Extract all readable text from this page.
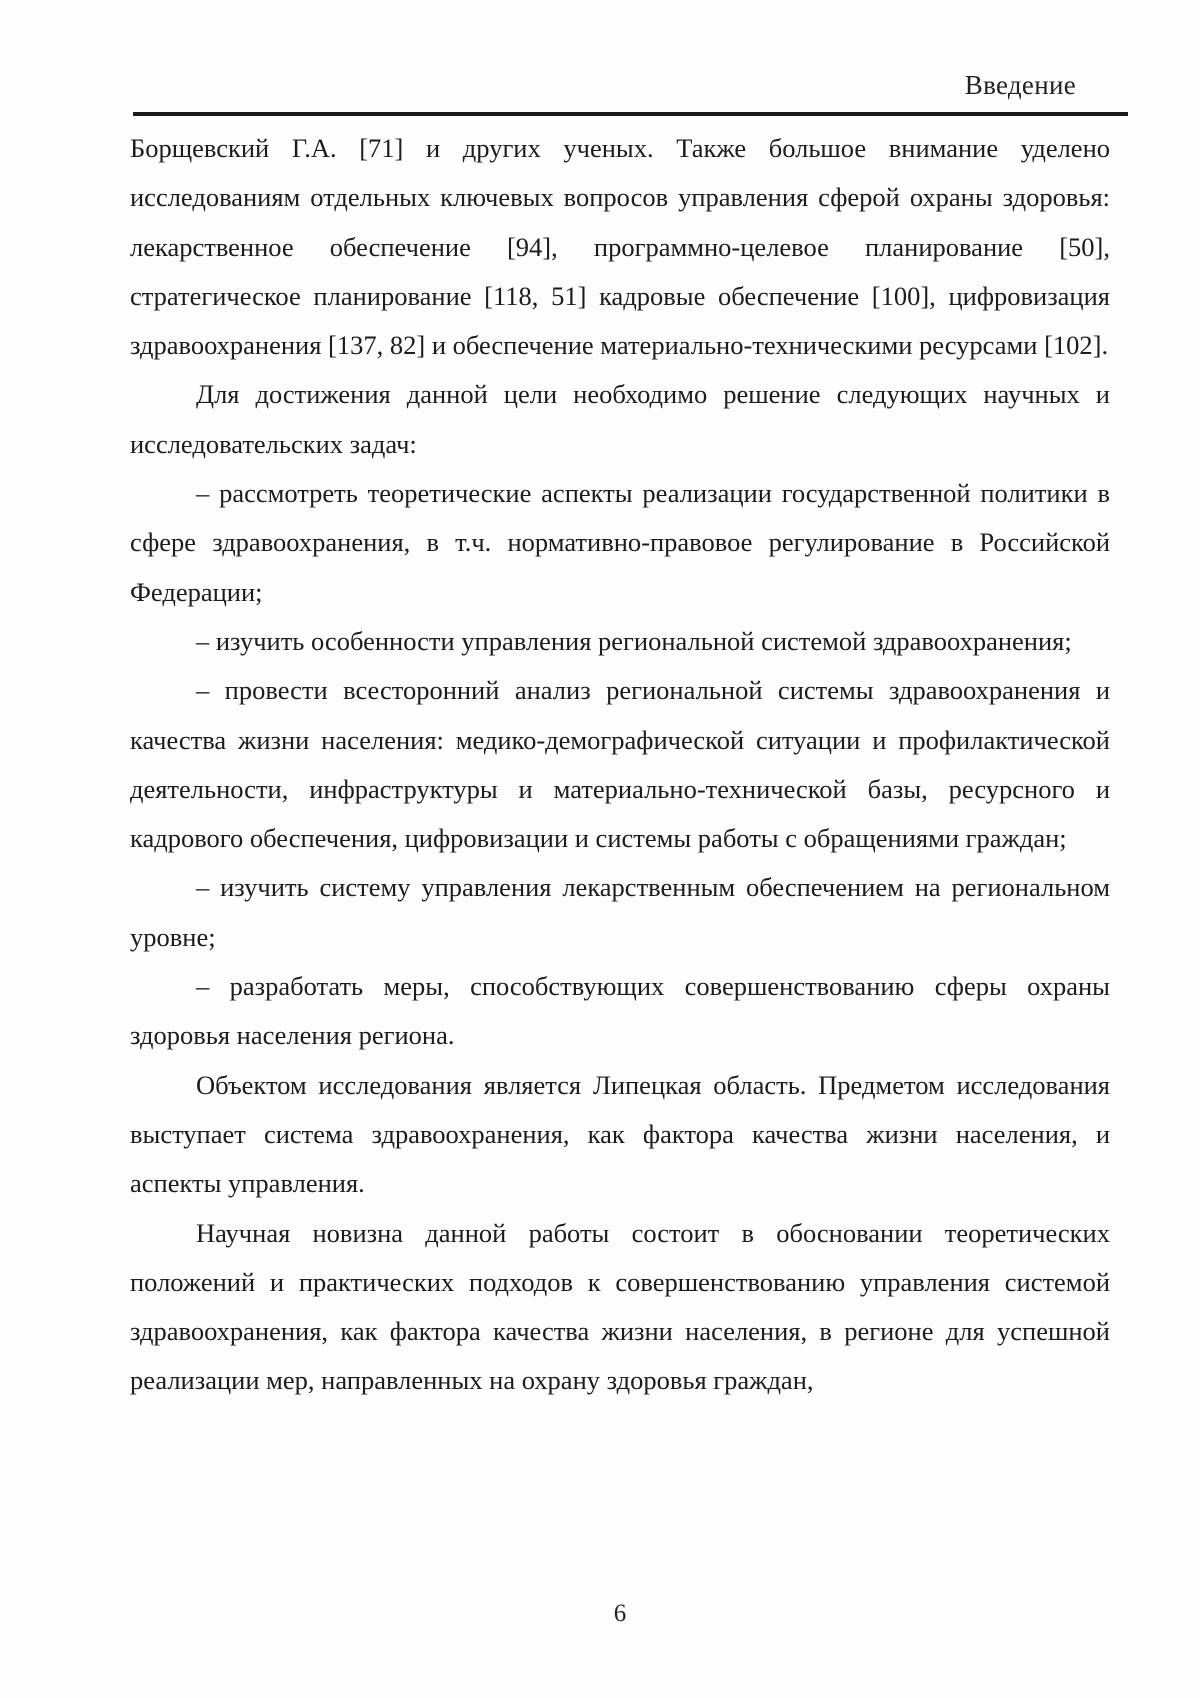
Введение

Борщевский Г.А. [71] и других ученых. Также большое внимание уделено исследованиям отдельных ключевых вопросов управления сферой охраны здоровья: лекарственное обеспечение [94], программно-целевое планирование [50], стратегическое планирование [118, 51] кадровые обеспечение [100], цифровизация здравоохранения [137, 82] и обеспечение материально-техническими ресурсами [102].

Для достижения данной цели необходимо решение следующих научных и исследовательских задач:

– рассмотреть теоретические аспекты реализации государственной политики в сфере здравоохранения, в т.ч. нормативно-правовое регулирование в Российской Федерации;

– изучить особенности управления региональной системой здравоохранения;

– провести всесторонний анализ региональной системы здравоохранения и качества жизни населения: медико-демографической ситуации и профилактической деятельности, инфраструктуры и материально-технической базы, ресурсного и кадрового обеспечения, цифровизации и системы работы с обращениями граждан;

– изучить систему управления лекарственным обеспечением на региональном уровне;

– разработать меры, способствующих совершенствованию сферы охраны здоровья населения региона.

Объектом исследования является Липецкая область. Предметом исследования выступает система здравоохранения, как фактора качества жизни населения, и аспекты управления.

Научная новизна данной работы состоит в обосновании теоретических положений и практических подходов к совершенствованию управления системой здравоохранения, как фактора качества жизни населения, в регионе для успешной реализации мер, направленных на охрану здоровья граждан,

6
